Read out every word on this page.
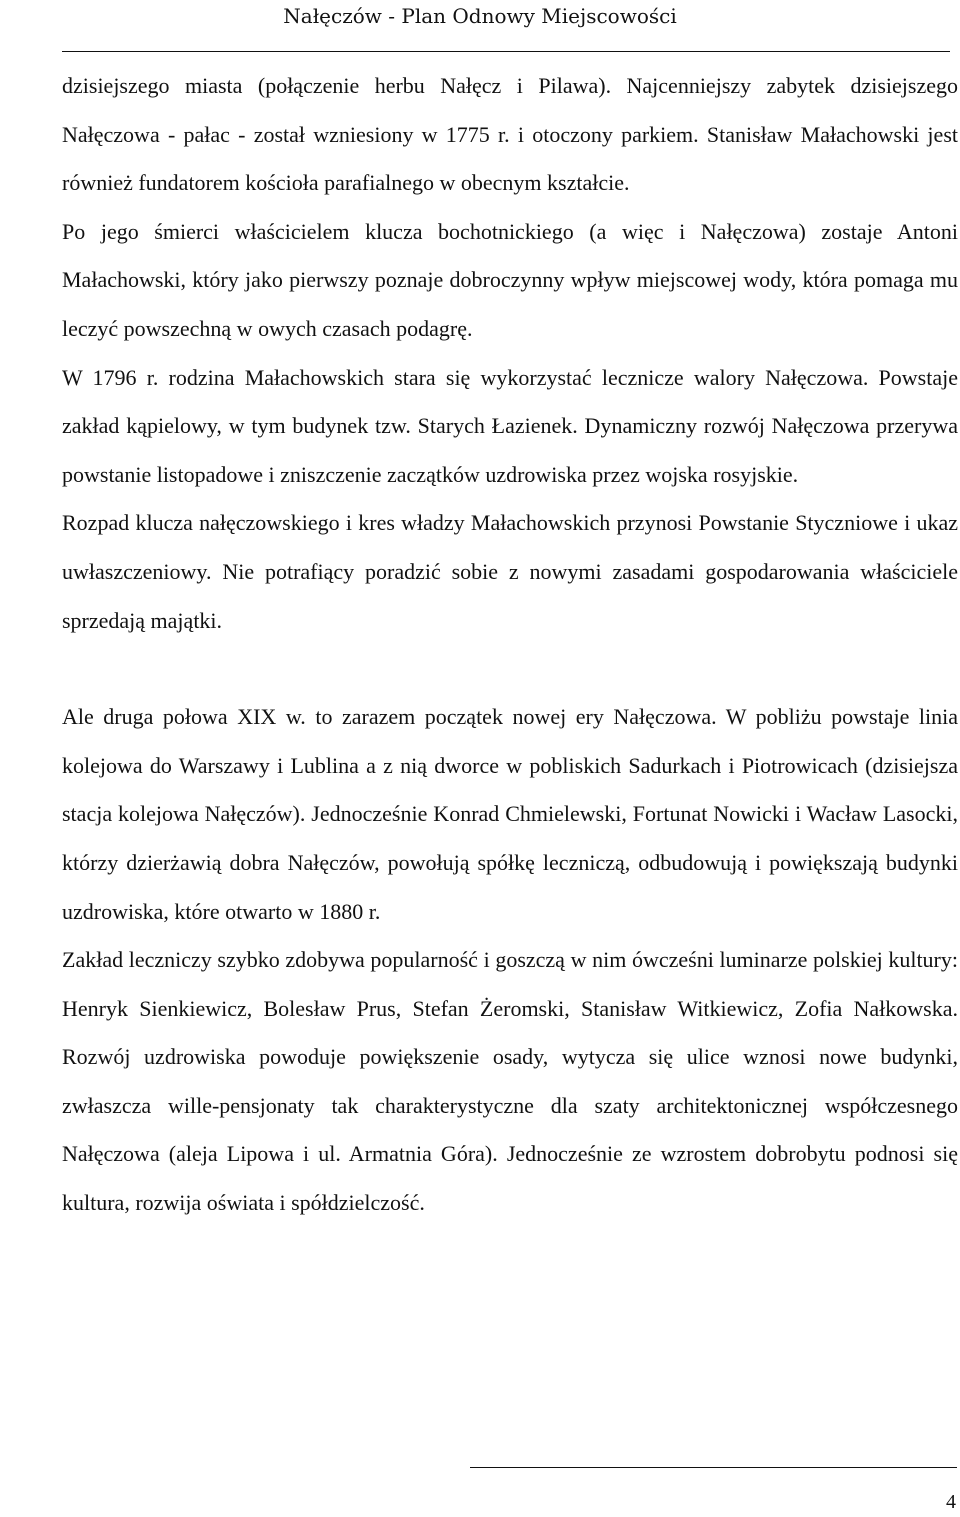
Nałęczów - Plan Odnowy Miejscowości

dzisiejszego miasta (połączenie herbu Nałęcz i Pilawa). Najcenniejszy zabytek dzisiejszego Nałęczowa - pałac - został wzniesiony w 1775 r. i otoczony parkiem. Stanisław Małachowski jest również fundatorem kościoła parafialnego w obecnym kształcie.

Po jego śmierci właścicielem klucza bochotnickiego (a więc i Nałęczowa) zostaje Antoni Małachowski, który jako pierwszy poznaje dobroczynny wpływ miejscowej wody, która pomaga mu leczyć powszechną w owych czasach podagrę.

W 1796 r. rodzina Małachowskich stara się wykorzystać lecznicze walory Nałęczowa. Powstaje zakład kąpielowy, w tym budynek tzw. Starych Łazienek. Dynamiczny rozwój Nałęczowa przerywa powstanie listopadowe i zniszczenie zaczątków uzdrowiska przez wojska rosyjskie.

Rozpad klucza nałęczowskiego i kres władzy Małachowskich przynosi Powstanie Styczniowe i ukaz uwłaszczeniowy. Nie potrafiący poradzić sobie z nowymi zasadami gospodarowania właściciele sprzedają majątki.

Ale druga połowa XIX w. to zarazem początek nowej ery Nałęczowa. W pobliżu powstaje linia kolejowa do Warszawy i Lublina a z nią dworce w pobliskich Sadurkach i Piotrowicach (dzisiejsza stacja kolejowa Nałęczów). Jednocześnie Konrad Chmielewski, Fortunat Nowicki i Wacław Lasocki, którzy dzierżawią dobra Nałęczów, powołują spółkę leczniczą, odbudowują i powiększają budynki uzdrowiska, które otwarto w 1880 r.

Zakład leczniczy szybko zdobywa popularność i goszczą w nim ówcześni luminarze polskiej kultury: Henryk Sienkiewicz, Bolesław Prus, Stefan Żeromski, Stanisław Witkiewicz, Zofia Nałkowska. Rozwój uzdrowiska powoduje powiększenie osady, wytycza się ulice wznosi nowe budynki, zwłaszcza wille-pensjonaty tak charakterystyczne dla szaty architektonicznej współczesnego Nałęczowa (aleja Lipowa i ul. Armatnia Góra). Jednocześnie ze wzrostem dobrobytu podnosi się kultura, rozwija oświata i spółdzielczość.

4
